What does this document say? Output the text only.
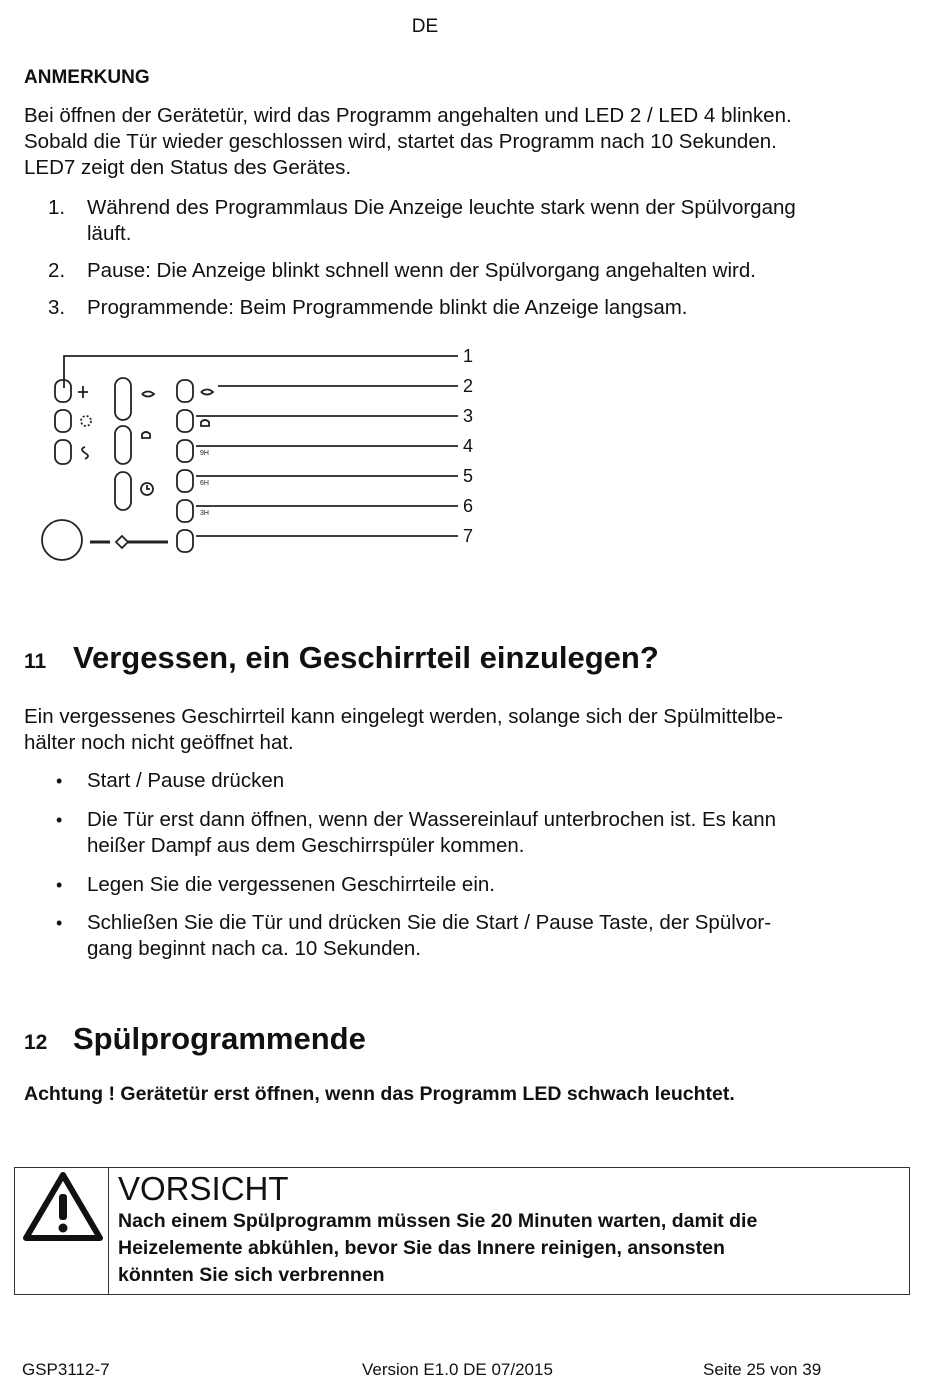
DE
ANMERKUNG
Bei öffnen der Gerätetür, wird das Programm angehalten und LED 2 / LED 4 blinken.
Sobald die Tür wieder geschlossen wird, startet das Programm nach 10 Sekunden.
LED7 zeigt den Status des Gerätes.
1.	Während des Programmlaus Die Anzeige leuchte stark wenn der Spülvorgang
läuft.
2.	Pause: Die Anzeige blinkt schnell wenn der Spülvorgang angehalten wird.
3.	Programmende: Beim Programmende blinkt die Anzeige langsam.
9H
6H
3H
1
2
3
4
5
6
7
11 Vergessen, ein Geschirrteil einzulegen?
Ein vergessenes Geschirrteil kann eingelegt werden, solange sich der Spülmittelbe-
hälter noch nicht geöffnet hat.
• Start / Pause drücken
• Die Tür erst dann öffnen, wenn der Wassereinlauf unterbrochen ist. Es kann
heißer Dampf aus dem Geschirrspüler kommen.
• Legen Sie die vergessenen Geschirrteile ein.
• Schließen Sie die Tür und drücken Sie die Start / Pause Taste, der Spülvor-
gang beginnt nach ca. 10 Sekunden.
12 Spülprogrammende
Achtung ! Gerätetür erst öffnen, wenn das Programm LED schwach leuchtet.
VORSICHT
Nach einem Spülprogramm müssen Sie 20 Minuten warten, damit die
Heizelemente abkühlen, bevor Sie das Innere reinigen, ansonsten
könnten Sie sich verbrennen
GSP3112-7	Version E1.0 DE 07/2015	Seite 25 von 39
